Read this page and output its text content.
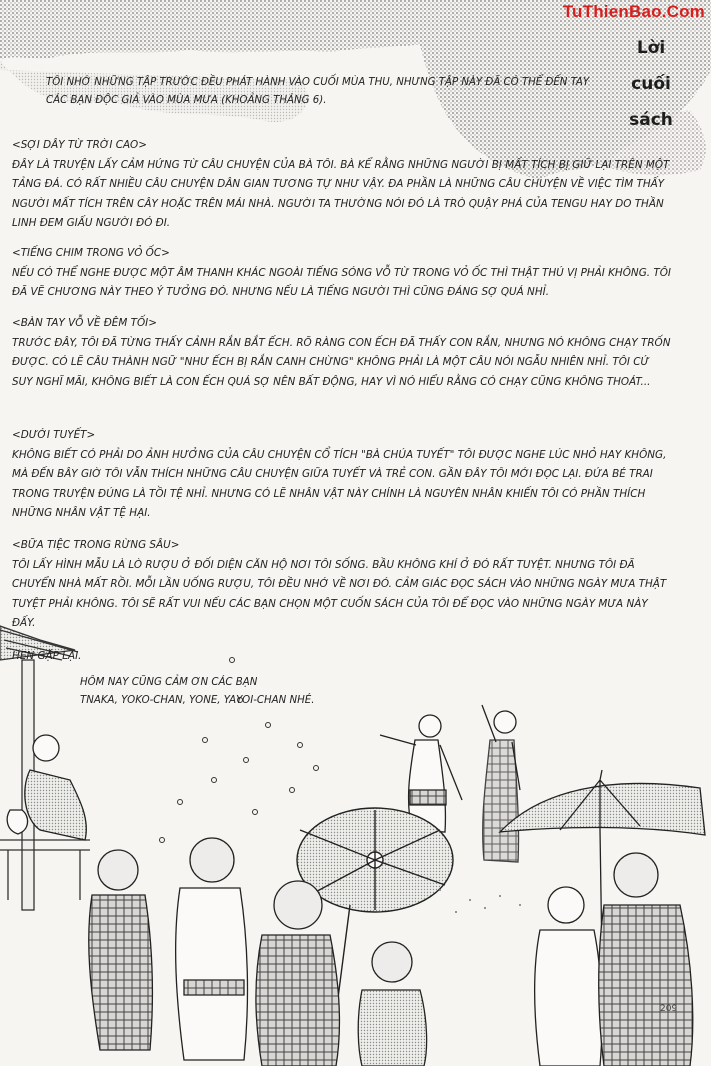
TuThienBao.Com
Lời
cuối
sách
TÔI NHỚ NHỮNG TẬP TRƯỚC ĐỀU PHÁT HÀNH VÀO CUỐI MÙA THU, NHƯNG TẬP NÀY ĐÃ CÓ THỂ ĐẾN TAY CÁC BẠN ĐỘC GIẢ VÀO MÙA MƯA (KHOẢNG THÁNG 6).
<SỢI DÂY TỪ TRỜI CAO>

ĐÂY LÀ TRUYỆN LẤY CẢM HỨNG TỪ CÂU CHUYỆN CỦA BÀ TÔI. BÀ KỂ RẰNG NHỮNG NGƯỜI BỊ MẤT TÍCH BỊ GIỮ LẠI TRÊN MỘT TẢNG ĐÁ. CÓ RẤT NHIỀU CÂU CHUYỆN DÂN GIAN TƯƠNG TỰ NHƯ VẬY. ĐA PHẦN LÀ NHỮNG CÂU CHUYỆN VỀ VIỆC TÌM THẤY NGƯỜI MẤT TÍCH TRÊN CÂY HOẶC TRÊN MÁI NHÀ. NGƯỜI TA THƯỜNG NÓI ĐÓ LÀ TRÒ QUẬY PHÁ CỦA TENGU HAY DO THẦN LINH ĐEM GIẤU NGƯỜI ĐÓ ĐI.

<TIẾNG CHIM TRONG VỎ ỐC>

NẾU CÓ THỂ NGHE ĐƯỢC MỘT ÂM THANH KHÁC NGOÀI TIẾNG SÓNG VỖ TỪ TRONG VỎ ỐC THÌ THẬT THÚ VỊ PHẢI KHÔNG. TÔI ĐÃ VẼ CHƯƠNG NÀY THEO Ý TƯỞNG ĐÓ. NHƯNG NẾU LÀ TIẾNG NGƯỜI THÌ CŨNG ĐÁNG SỢ QUÁ NHỈ.

<BÀN TAY VỖ VỀ ĐÊM TỐI>

TRƯỚC ĐÂY, TÔI ĐÃ TỪNG THẤY CẢNH RẮN BẮT ẾCH. RÕ RÀNG CON ẾCH ĐÃ THẤY CON RẮN, NHƯNG NÓ KHÔNG CHẠY TRỐN ĐƯỢC. CÓ LẼ CÂU THÀNH NGỮ "NHƯ ẾCH BỊ RẮN CANH CHỪNG" KHÔNG PHẢI LÀ MỘT CÂU NÓI NGẪU NHIÊN NHỈ. TÔI CỨ SUY NGHĨ MÃI, KHÔNG BIẾT LÀ CON ẾCH QUÁ SỢ NÊN BẤT ĐỘNG, HAY VÌ NÓ HIỂU RẰNG CÓ CHẠY CŨNG KHÔNG THOÁT...

<DƯỚI TUYẾT>

KHÔNG BIẾT CÓ PHẢI DO ẢNH HƯỞNG CỦA CÂU CHUYỆN CỔ TÍCH "BÀ CHÚA TUYẾT" TÔI ĐƯỢC NGHE LÚC NHỎ HAY KHÔNG, MÀ ĐẾN BÂY GIỜ TÔI VẪN THÍCH NHỮNG CÂU CHUYỆN GIỮA TUYẾT VÀ TRẺ CON. GẦN ĐÂY TÔI MỚI ĐỌC LẠI. ĐỨA BÉ TRAI TRONG TRUYỆN ĐÚNG LÀ TỒI TỆ NHỈ. NHƯNG CÓ LẼ NHÂN VẬT NÀY CHÍNH LÀ NGUYÊN NHÂN KHIẾN TÔI CÓ PHẦN THÍCH NHỮNG NHÂN VẬT TỆ HẠI.

<BỮA TIỆC TRONG RỪNG SÂU>

TÔI LẤY HÌNH MẪU LÀ LÒ RƯỢU Ở ĐỐI DIỆN CĂN HỘ NƠI TÔI SỐNG. BẦU KHÔNG KHÍ Ở ĐÓ RẤT TUYỆT. NHƯNG TÔI ĐÃ CHUYỂN NHÀ MẤT RỒI. MỖI LẦN UỐNG RƯỢU, TÔI ĐỀU NHỚ VỀ NƠI ĐÓ. CẢM GIÁC ĐỌC SÁCH VÀO NHỮNG NGÀY MƯA THẬT TUYỆT PHẢI KHÔNG. TÔI SẼ RẤT VUI NẾU CÁC BẠN CHỌN MỘT CUỐN SÁCH CỦA TÔI ĐỂ ĐỌC VÀO NHỮNG NGÀY MƯA NÀY ĐẤY.

HẸN GẶP LẠI.
HÔM NAY CŨNG CẢM ƠN CÁC BẠN
TNAKA, YOKO-CHAN, YONE, YAYOI-CHAN NHÉ.
209
